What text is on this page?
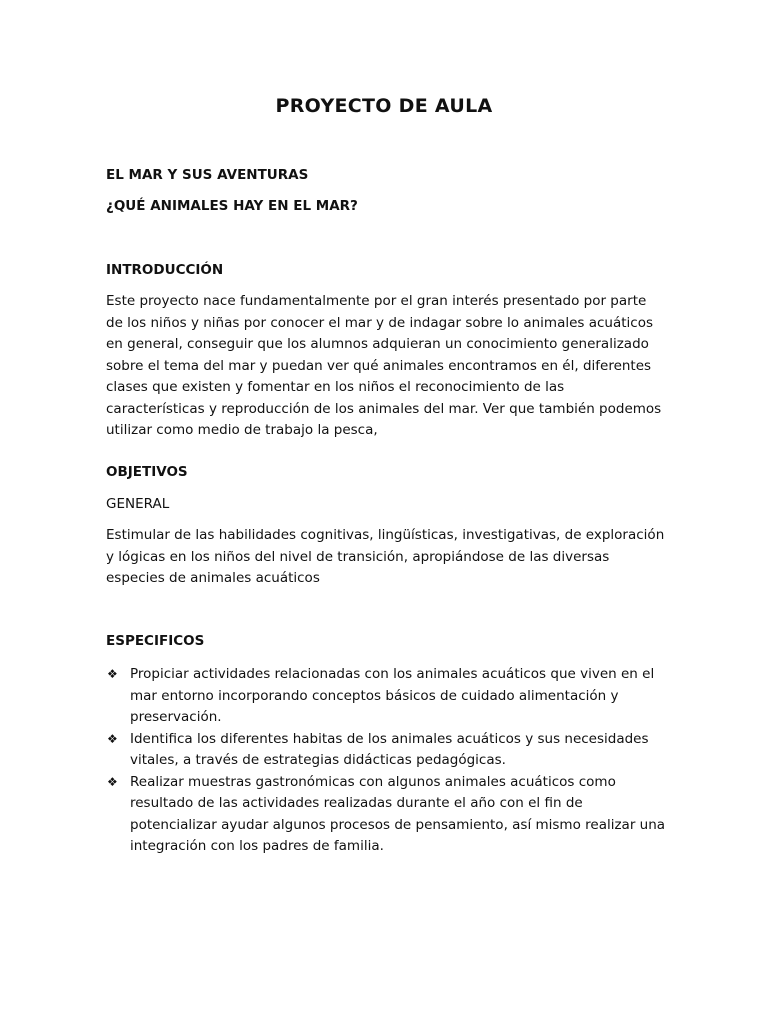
PROYECTO DE AULA

EL MAR Y SUS AVENTURAS

¿QUÉ ANIMALES HAY EN EL MAR?

INTRODUCCIÓN

Este proyecto nace fundamentalmente por el gran interés presentado por parte de los niños y niñas por conocer el mar y de indagar sobre lo animales acuáticos en general, conseguir que los alumnos adquieran un conocimiento generalizado sobre el tema del mar y puedan ver qué animales encontramos en él, diferentes clases que existen y fomentar en los niños el reconocimiento de las características y reproducción de los animales del mar. Ver que también podemos utilizar como medio de trabajo la pesca,

OBJETIVOS

GENERAL

Estimular de las habilidades cognitivas, lingüísticas, investigativas, de exploración y lógicas en los niños del nivel de transición, apropiándose de las diversas especies de animales acuáticos

ESPECIFICOS

❖ Propiciar actividades relacionadas con los animales acuáticos que viven en el mar entorno incorporando conceptos básicos de cuidado alimentación y preservación.
❖ Identifica los diferentes habitas de los animales acuáticos y sus necesidades vitales, a través de estrategias didácticas pedagógicas.
❖ Realizar muestras gastronómicas con algunos animales acuáticos como resultado de las actividades realizadas durante el año con el fin de potencializar ayudar algunos procesos de pensamiento, así mismo realizar una integración con los padres de familia.
